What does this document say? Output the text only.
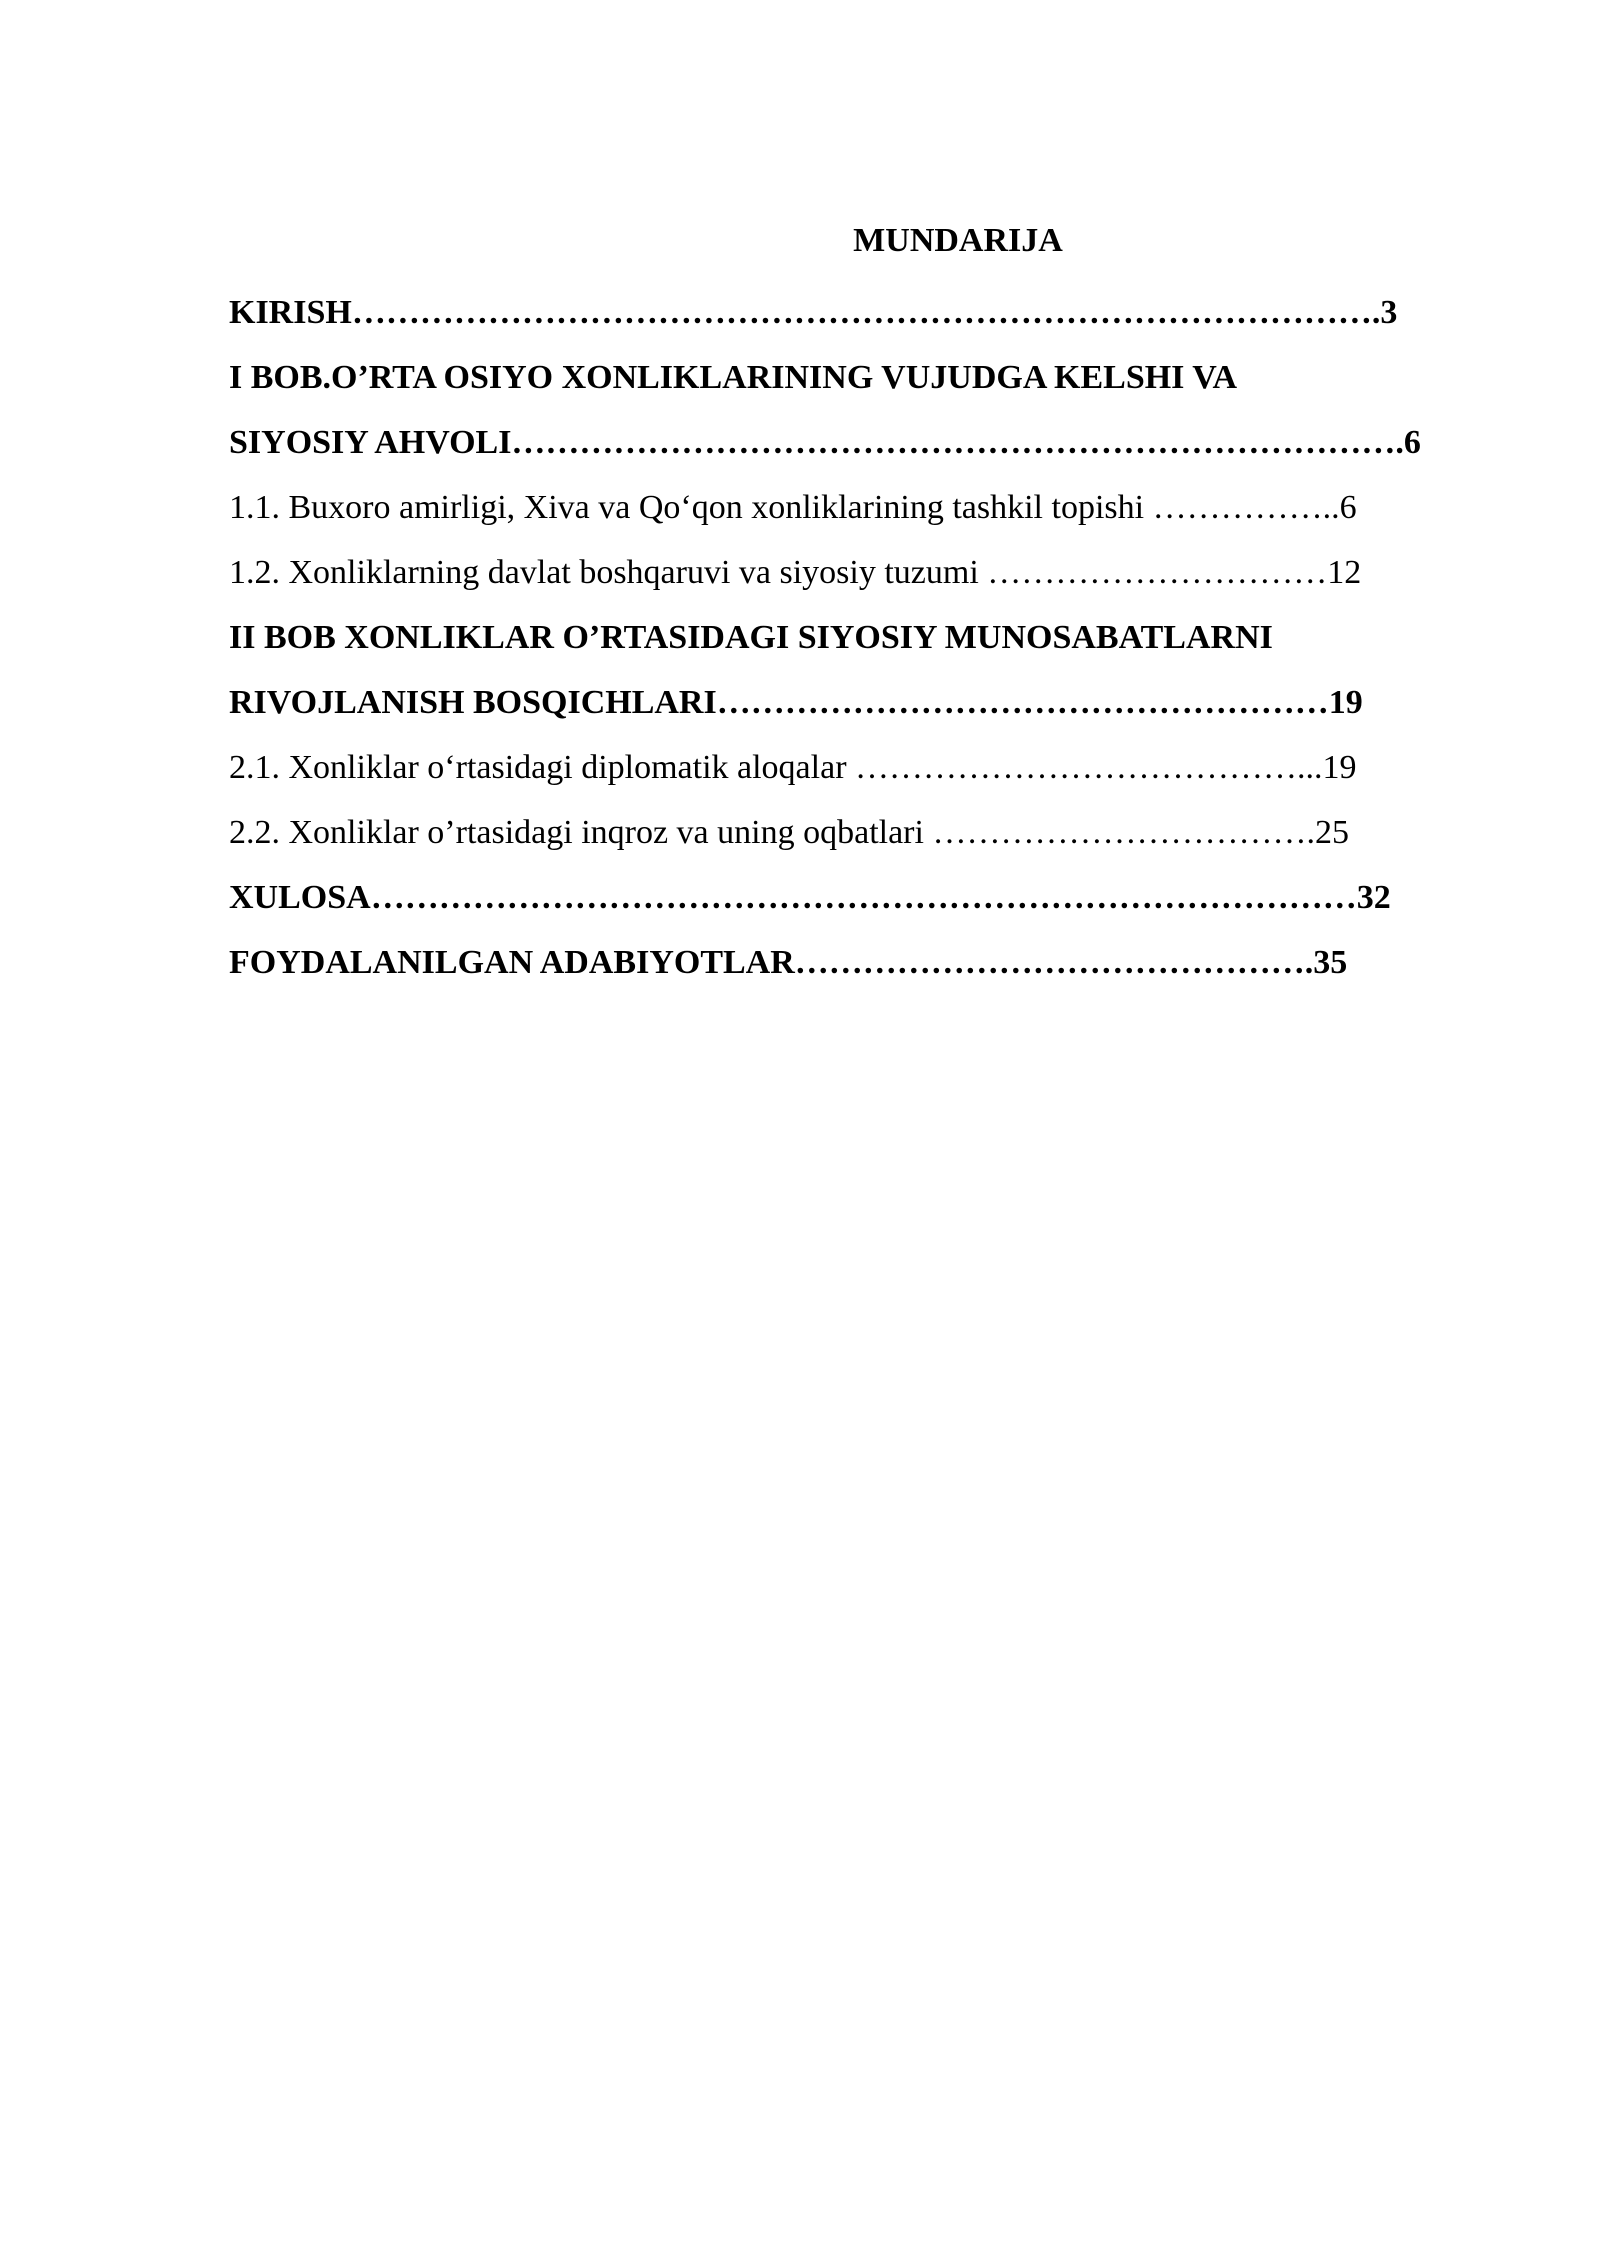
MUNDARIJA
KIRISH……………………………………………………………………………….3
I BOB.O’RTA OSIYO XONLIKLARINING VUJUDGA KELSHI VA
SIYOSIY AHVOLI…………………………………………………………………….6
1.1. Buxoro amirligi, Xiva va Qo‘qon xonliklarining tashkil topishi ……………..6
1.2. Xonliklarning davlat boshqaruvi va siyosiy tuzumi …………………………12
II BOB XONLIKLAR O’RTASIDAGI SIYOSIY MUNOSABATLARNI
RIVOJLANISH BOSQICHLARI………………………………………………19
2.1. Xonliklar o‘rtasidagi diplomatik aloqalar …………………………………...19
2.2. Xonliklar o’rtasidagi inqroz va uning oqbatlari …………………………….25
XULOSA……………………………………………………………………………32
FOYDALANILGAN ADABIYOTLAR……………………………………….35
